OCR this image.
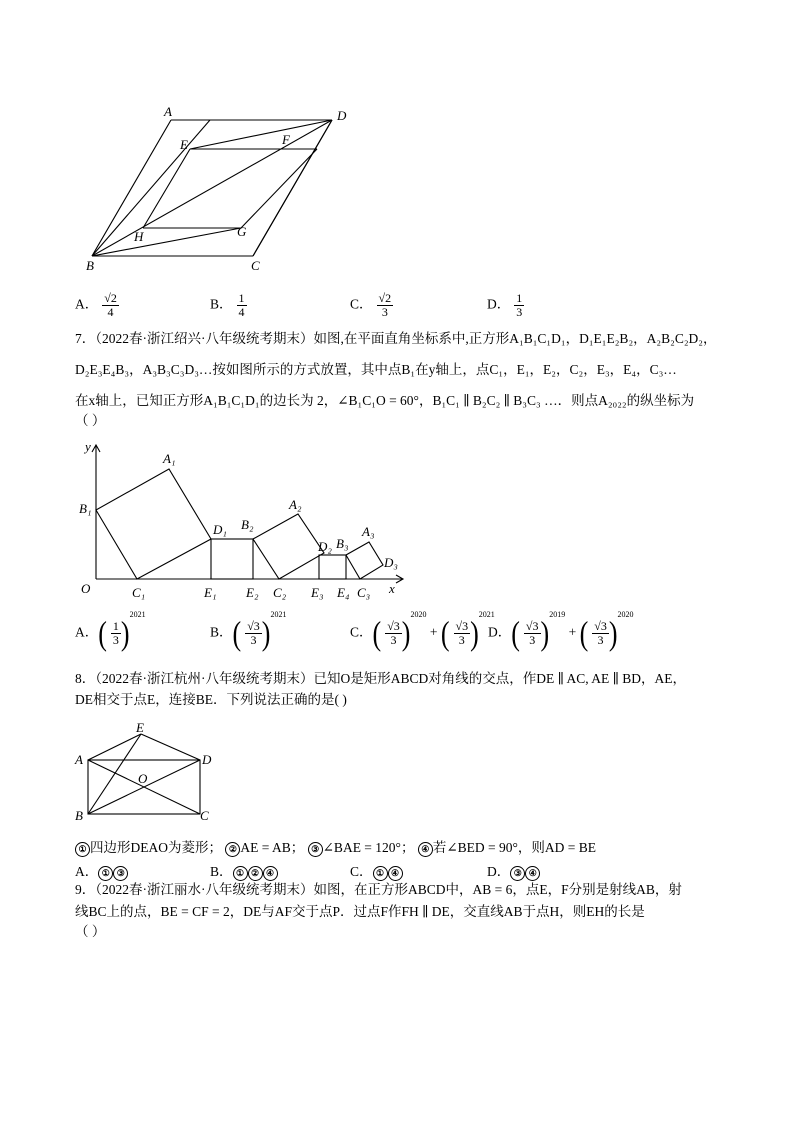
A	D
E	F
H	G
B	C
A． $\frac{√2}{4}$	B． $\frac{1}{4}$	C． $\frac{√2}{3}$	D． $\frac{1}{3}$
7．（2022春·浙江绍兴·八年级统考期末）如图,在平面直角坐标系中,正方形A₁B₁C₁D₁，D₁E₁E₂B₂，A₂B₂C₂D₂，
D₂E₃E₄B₃，A₃B₃C₃D₃…按如图所示的方式放置，其中点B₁在y轴上，点C₁，E₁，E₂，C₂，E₃，E₄，C₃…
在x轴上，已知正方形A₁B₁C₁D₁的边长为 2，∠B₁C₁O = 60°，B₁C₁ ∥ B₂C₂ ∥ B₃C₃ …．则点A₂₀₂₂的纵坐标为
（ ）
y
A₁
B₁
D₁ B₂
A₂
D₂ B₃
A₃
D₃
O	C₁	E₁ E₂ C₂ E₃ E₄ C₃ x
A．( $\frac{1}{3} )^{2021}$
B．( $\frac{√3}{3} )^{2021}$
C．( $\frac{√3}{3} )^{2020}$ + ( $\frac{√3}{3} )^{2021}$
D．( $\frac{√3}{3} )^{2019}$ + ( $\frac{√3}{3} )^{2020}$
8．（2022春·浙江杭州·八年级统考期末）已知O是矩形ABCD对角线的交点，作DE ∥ AC, AE ∥ BD，AE，
DE相交于点E，连接BE．下列说法正确的是( )
E
A	D
O
B	C
① 四边形DEAO为菱形； ② AE = AB； ③ ∠BAE = 120°； ④ 若∠BED = 90°，则AD = BE
A． ① ③	B． ① ② ④	C． ① ④	D． ③ ④
9．（2022春·浙江丽水·八年级统考期末）如图，在正方形ABCD中，AB = 6，点E，F分别是射线AB，射
线BC上的点，BE = CF = 2，DE与AF交于点P．过点F作FH ∥ DE，交直线AB于点H，则EH的长是
（ ）
